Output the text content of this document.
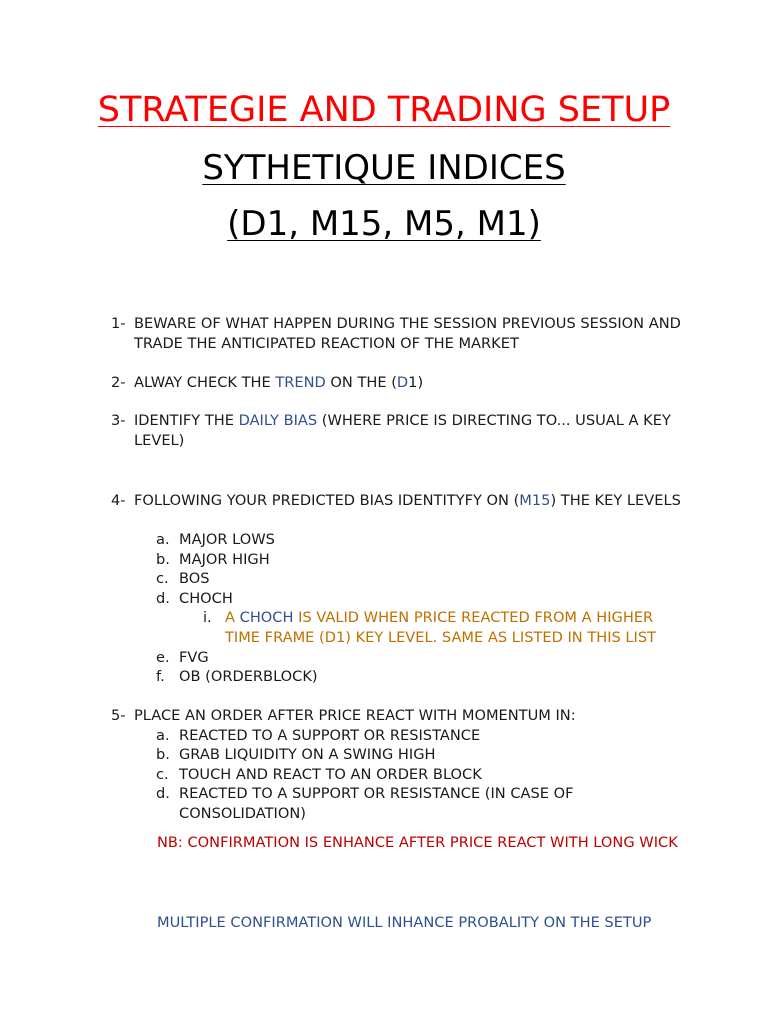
STRATEGIE AND TRADING SETUP
SYTHETIQUE INDICES
(D1, M15, M5, M1)
1- BEWARE OF WHAT HAPPEN DURING THE SESSION PREVIOUS SESSION AND TRADE THE ANTICIPATED REACTION OF THE MARKET
2- ALWAY CHECK THE TREND ON THE (D1)
3- IDENTIFY THE DAILY BIAS (WHERE PRICE IS DIRECTING TO... USUAL A KEY LEVEL)
4- FOLLOWING YOUR PREDICTED BIAS IDENTITYFY ON (M15) THE KEY LEVELS
a. MAJOR LOWS
b. MAJOR HIGH
c. BOS
d. CHOCH
i. A CHOCH IS VALID WHEN PRICE REACTED FROM A HIGHER TIME FRAME (D1) KEY LEVEL. SAME AS LISTED IN THIS LIST
e. FVG
f. OB (ORDERBLOCK)
5- PLACE AN ORDER AFTER PRICE REACT WITH MOMENTUM IN:
a. REACTED TO A SUPPORT OR RESISTANCE
b. GRAB LIQUIDITY ON A SWING HIGH
c. TOUCH AND REACT TO AN ORDER BLOCK
d. REACTED TO A SUPPORT OR RESISTANCE (IN CASE OF CONSOLIDATION)
NB: CONFIRMATION IS ENHANCE AFTER PRICE REACT WITH LONG WICK
MULTIPLE CONFIRMATION WILL INHANCE PROBALITY ON THE SETUP
